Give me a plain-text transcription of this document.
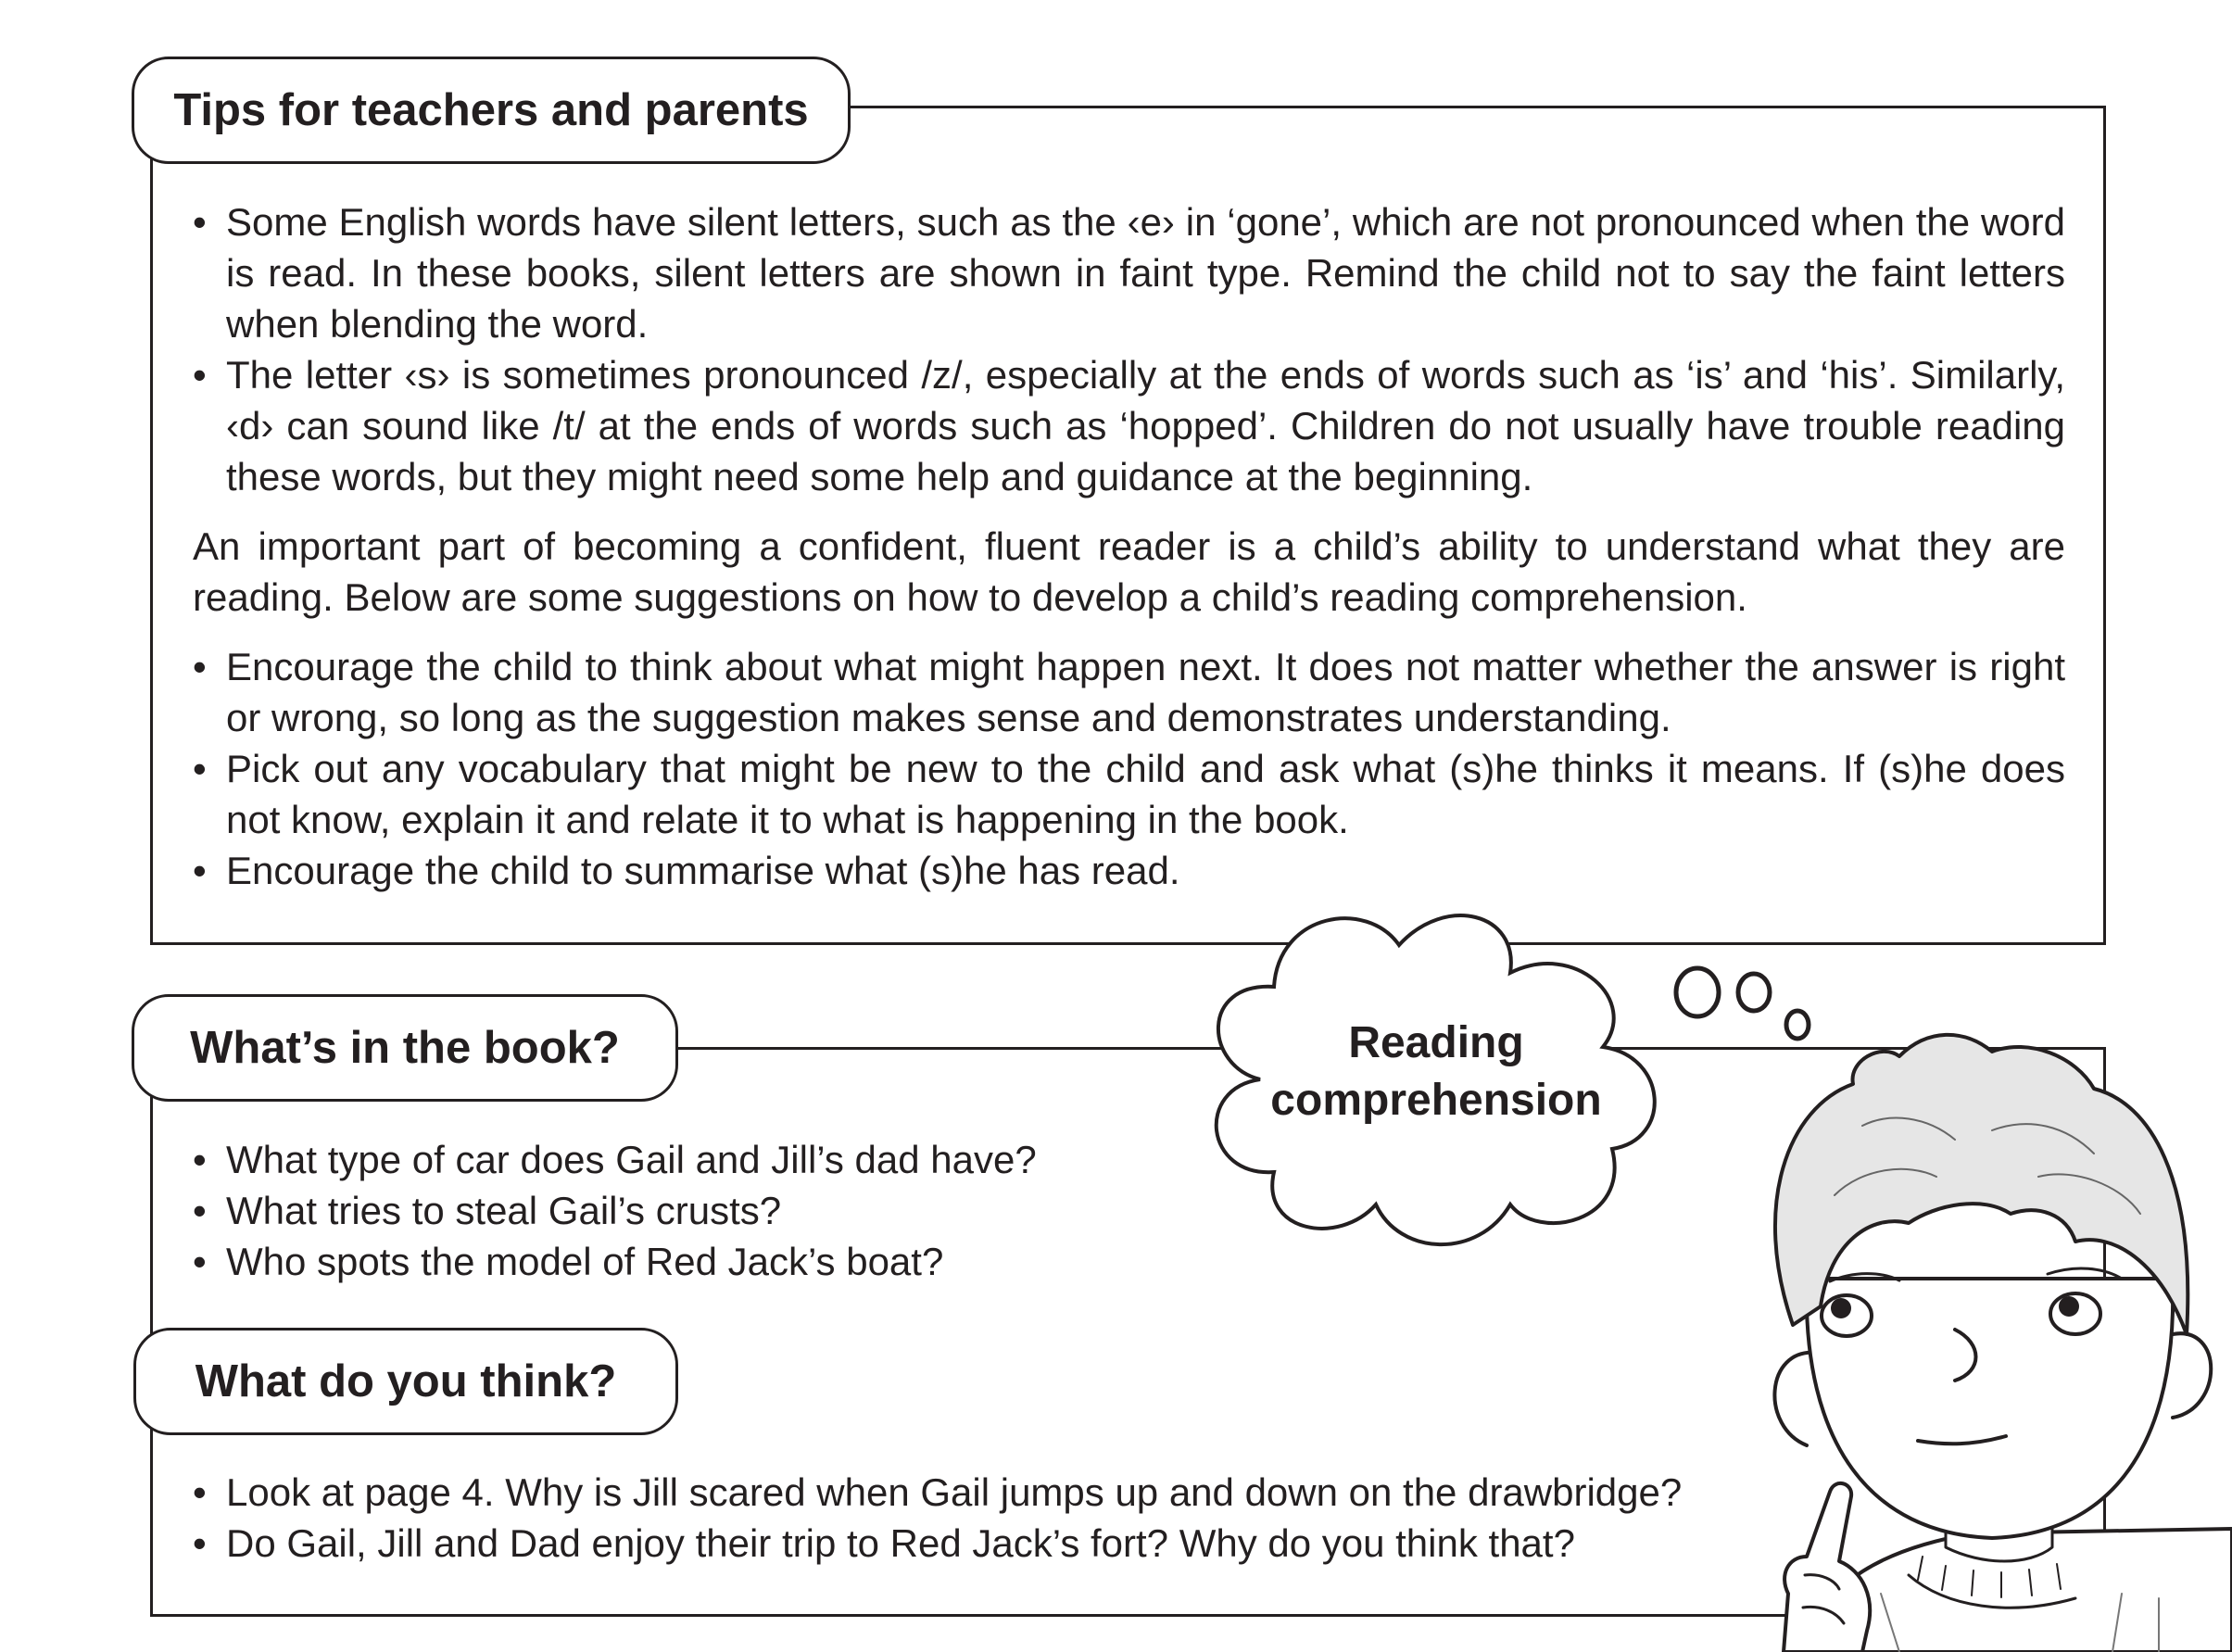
Tips for teachers and parents
• Some English words have silent letters, such as the ‹e› in ‘gone’, which are not pronounced when the word is read. In these books, silent letters are shown in faint type. Remind the child not to say the faint letters when blending the word.
• The letter ‹s› is sometimes pronounced /z/, especially at the ends of words such as ‘is’ and ‘his’. Similarly, ‹d› can sound like /t/ at the ends of words such as ‘hopped’. Children do not usually have trouble reading these words, but they might need some help and guidance at the beginning.

An important part of becoming a confident, fluent reader is a child’s ability to understand what they are reading. Below are some suggestions on how to develop a child’s reading comprehension.

• Encourage the child to think about what might happen next. It does not matter whether the answer is right or wrong, so long as the suggestion makes sense and demonstrates understanding.
• Pick out any vocabulary that might be new to the child and ask what (s)he thinks it means. If (s)he does not know, explain it and relate it to what is happening in the book.
• Encourage the child to summarise what (s)he has read.
Reading
comprehension
What’s in the book?
• What type of car does Gail and Jill’s dad have?
• What tries to steal Gail’s crusts?
• Who spots the model of Red Jack’s boat?
What do you think?
• Look at page 4. Why is Jill scared when Gail jumps up and down on the drawbridge?
• Do Gail, Jill and Dad enjoy their trip to Red Jack’s fort? Why do you think that?
